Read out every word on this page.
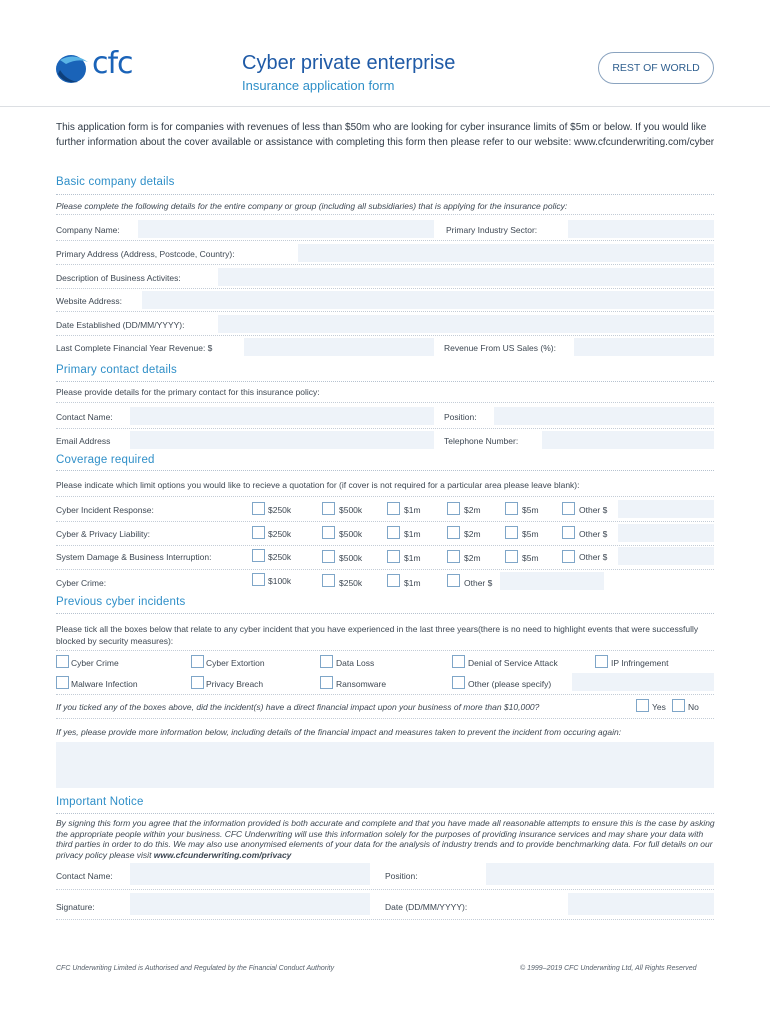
cfc	Cyber private enterprise
Insurance application form
REST OF WORLD
This application form is for companies with revenues of less than $50m who are looking for cyber insurance limits of $5m or below. If you would like further information about the cover available or assistance with completing this form then please refer to our website: www.cfcunderwriting.com/cyber
Basic company details
Please complete the following details for the entire company or group (including all subsidiaries) that is applying for the insurance policy:
Company Name:	Primary Industry Sector:
Primary Address (Address, Postcode, Country):
Description of Business Activites:
Website Address:
Date Established (DD/MM/YYYY):
Last Complete Financial Year Revenue: $	Revenue From US Sales (%):
Primary contact details
Please provide details for the primary contact for this insurance policy:
Contact Name:	Position:
Email Address	Telephone Number:
Coverage required
Please indicate which limit options you would like to recieve a quotation for (if cover is not required for a particular area please leave blank):
Cyber Incident Response:	$250k	$500k	$1m	$2m	$5m	Other $
Cyber & Privacy Liability:	$250k	$500k	$1m	$2m	$5m	Other $
System Damage & Business Interruption:	$250k	$500k	$1m	$2m	$5m	Other $
Cyber Crime:	$100k	$250k	$1m	Other $
Previous cyber incidents
Please tick all the boxes below that relate to any cyber incident that you have experienced in the last three years(there is no need to highlight events that were successfully blocked by security measures):
Cyber Crime	Cyber Extortion	Data Loss	Denial of Service Attack	IP Infringement
Malware Infection	Privacy Breach	Ransomware	Other (please specify)
If you ticked any of the boxes above, did the incident(s) have a direct financial impact upon your business of more than $10,000?	Yes	No
If yes, please provide more information below, including details of the financial impact and measures taken to prevent the incident from occuring again:
Important Notice
By signing this form you agree that the information provided is both accurate and complete and that you have made all reasonable attempts to ensure this is the case by asking the appropriate people within your business. CFC Underwriting will use this information solely for the purposes of providing insurance services and may share your data with third parties in order to do this. We may also use anonymised elements of your data for the analysis of industry trends and to provide benchmarking data. For full details on our privacy policy please visit www.cfcunderwriting.com/privacy
Contact Name:	Position:
Signature:	Date (DD/MM/YYYY):
CFC Underwriting Limited is Authorised and Regulated by the Financial Conduct Authority	© 1999–2019 CFC Underwriting Ltd, All Rights Reserved
